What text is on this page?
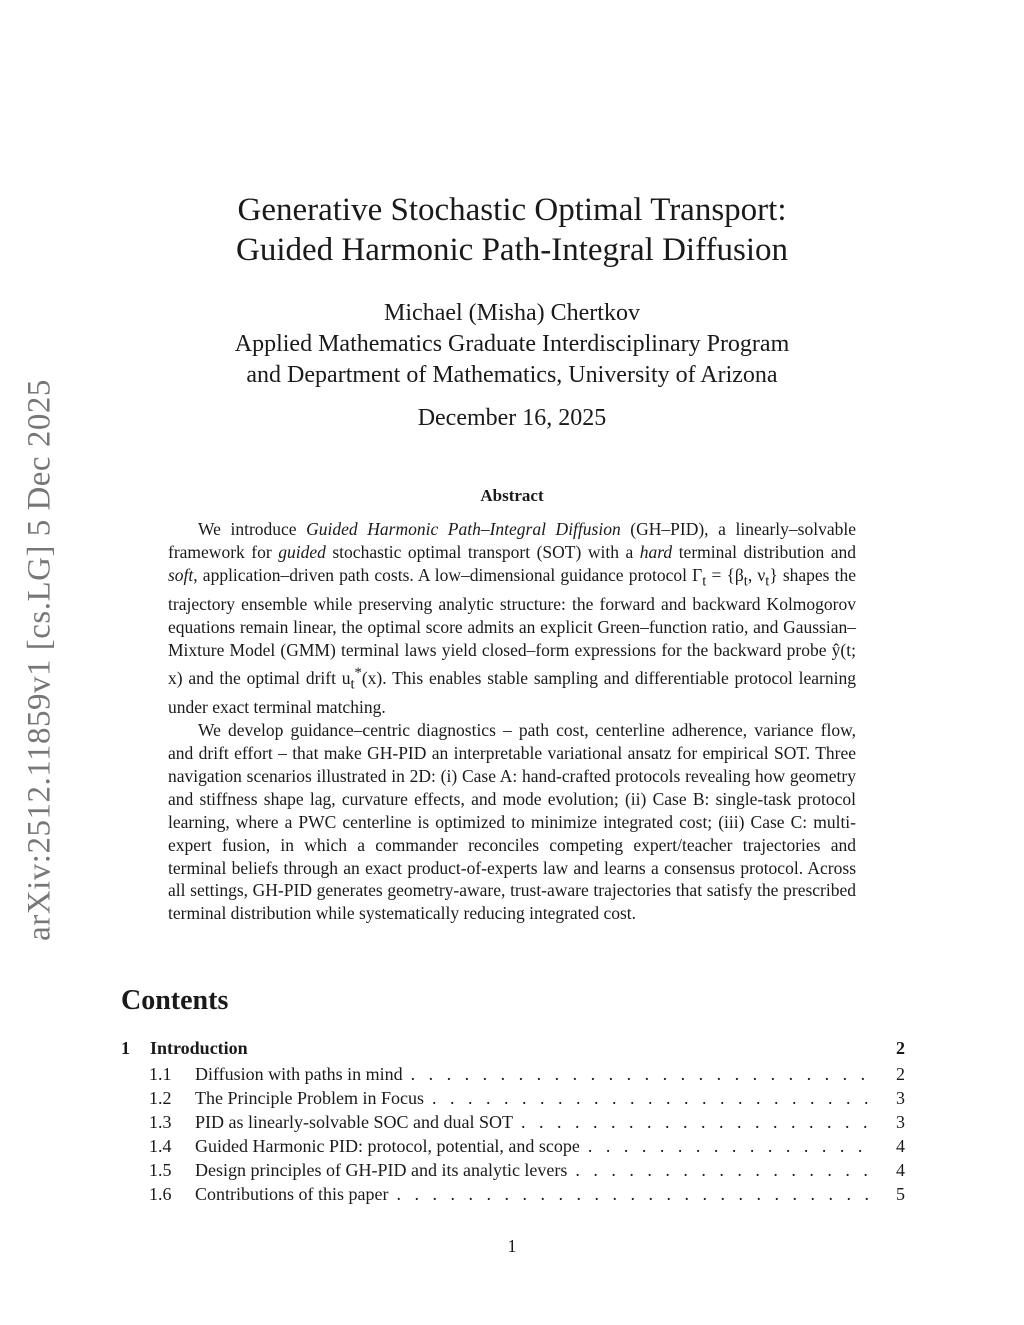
arXiv:2512.11859v1 [cs.LG] 5 Dec 2025
Generative Stochastic Optimal Transport:
Guided Harmonic Path-Integral Diffusion
Michael (Misha) Chertkov
Applied Mathematics Graduate Interdisciplinary Program
and Department of Mathematics, University of Arizona
December 16, 2025
Abstract

We introduce Guided Harmonic Path–Integral Diffusion (GH–PID), a linearly–solvable framework for guided stochastic optimal transport (SOT) with a hard terminal distribution and soft, application–driven path costs. A low–dimensional guidance protocol $\Gamma_t = \{\beta_t$, $\nu_t$} shapes the trajectory ensemble while preserving analytic structure: the forward and backward Kolmogorov equations remain linear, the optimal score admits an explicit Green–function ratio, and Gaussian–Mixture Model (GMM) terminal laws yield closed–form expressions for the backward probe ŷ(t; x) and the optimal drift $u_t^*(x)$. This enables stable sampling and differentiable protocol learning under exact terminal matching.

We develop guidance–centric diagnostics – path cost, centerline adherence, variance flow, and drift effort – that make GH-PID an interpretable variational ansatz for empirical SOT. Three navigation scenarios illustrated in 2D: (i) Case A: hand-crafted protocols revealing how geometry and stiffness shape lag, curvature effects, and mode evolution; (ii) Case B: single-task protocol learning, where a PWC centerline is optimized to minimize integrated cost; (iii) Case C: multi-expert fusion, in which a commander reconciles competing expert/teacher trajectories and terminal beliefs through an exact product-of-experts law and learns a consensus protocol. Across all settings, GH-PID generates geometry-aware, trust-aware trajectories that satisfy the prescribed terminal distribution while systematically reducing integrated cost.

Contents
1	Introduction	2
1.1	Diffusion with paths in mind . . .	2
1.2	The Principle Problem in Focus . . .	3
1.3	PID as linearly-solvable SOC and dual SOT . . .	3
1.4	Guided Harmonic PID: protocol, potential, and scope . . .	4
1.5	Design principles of GH-PID and its analytic levers . . .	4
1.6	Contributions of this paper . . .	5
1
